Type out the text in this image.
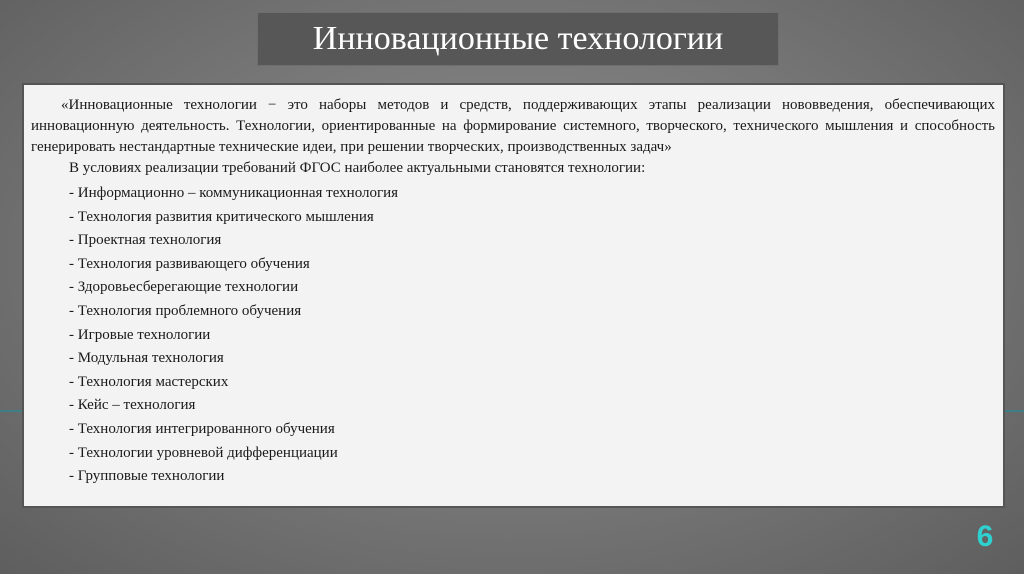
Инновационные технологии

«Инновационные технологии − это наборы методов и средств, поддерживающих этапы реализации нововведения, обеспечивающих инновационную деятельность. Технологии, ориентированные на формирование системного, творческого, технического мышления и способность генерировать нестандартные технические идеи, при решении творческих, производственных задач»

В условиях реализации требований ФГОС наиболее актуальными становятся технологии:

- Информационно – коммуникационная технология
- Технология развития критического мышления
- Проектная технология
- Технология развивающего обучения
- Здоровьесберегающие технологии
- Технология проблемного обучения
- Игровые технологии
- Модульная технология
- Технология мастерских
- Кейс – технология
- Технология интегрированного обучения
- Технологии уровневой дифференциации
- Групповые технологии
6
